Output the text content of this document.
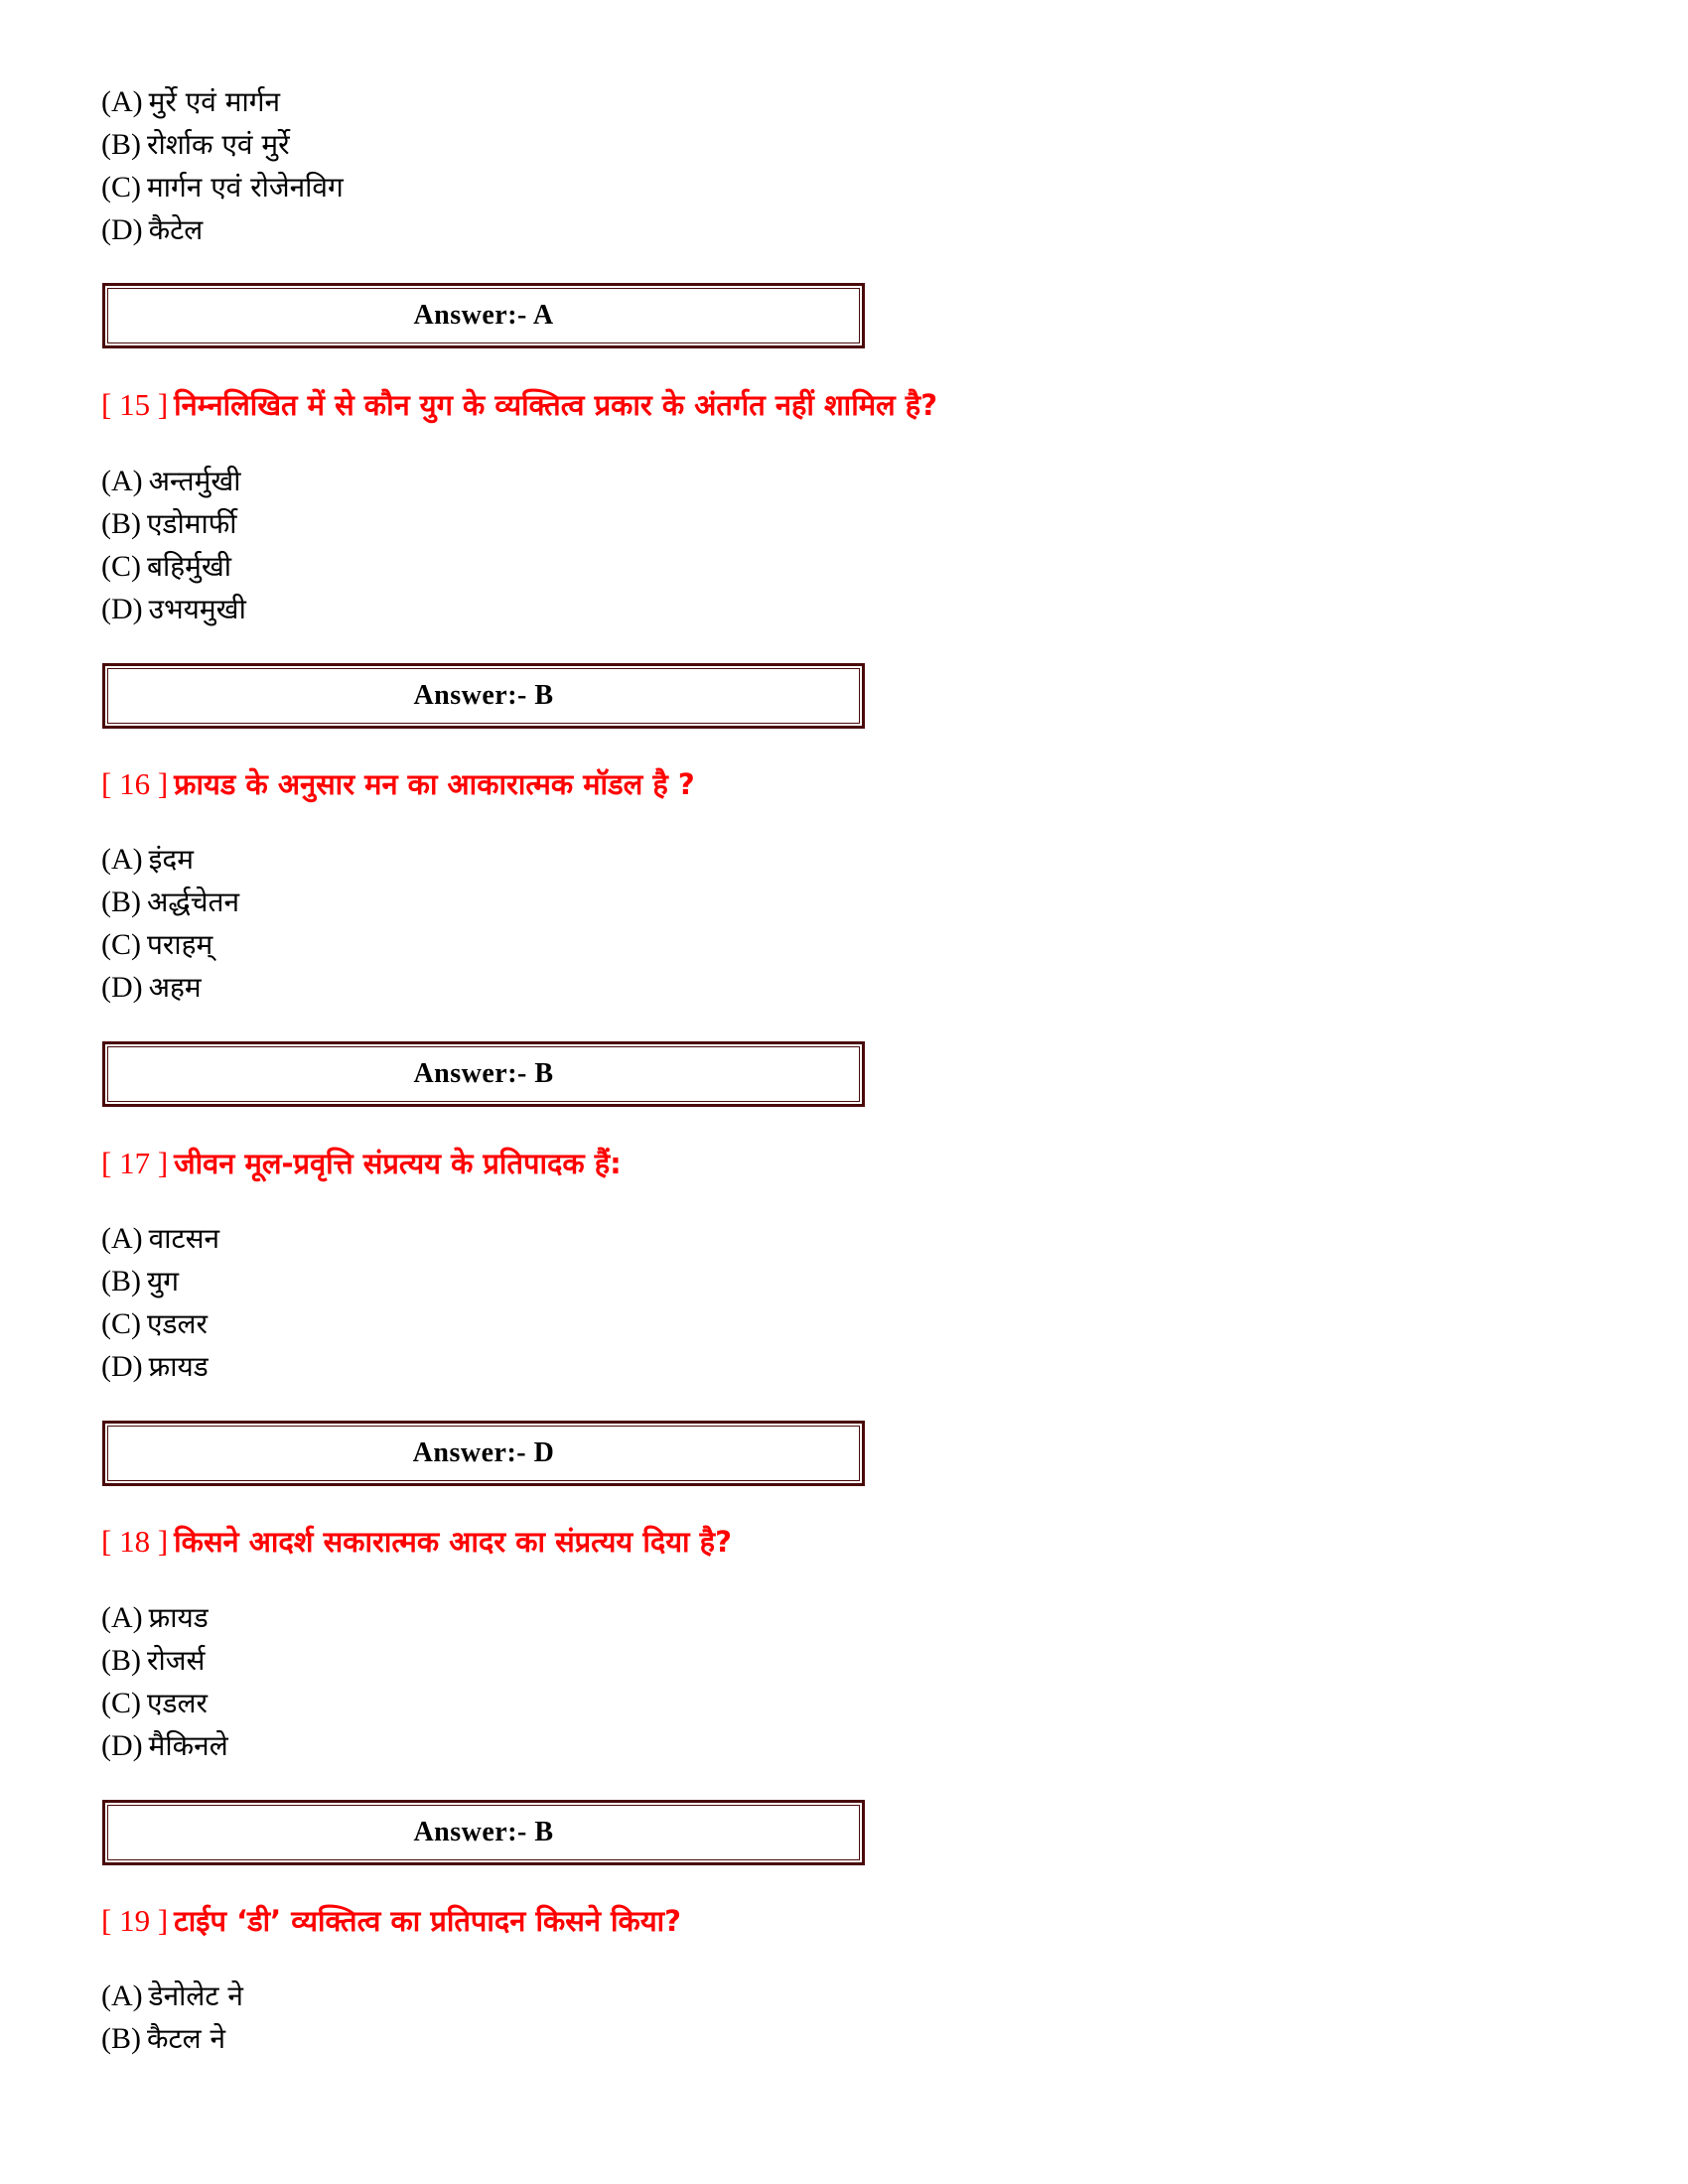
(A) मुर्रे एवं मार्गन
(B) रोर्शाक एवं मुर्रे
(C) मार्गन एवं रोजेनविग
(D) कैटेल
Answer:- A
[ 15 ] निम्नलिखित में से कौन युग के व्यक्तित्व प्रकार के अंतर्गत नहीं शामिल है?
(A) अन्तर्मुखी
(B) एडोमार्फी
(C) बहिर्मुखी
(D) उभयमुखी
Answer:- B
[ 16 ] फ्रायड के अनुसार मन का आकारात्मक मॉडल है ?
(A) इंदम
(B) अर्द्धचेतन
(C) पराहम्
(D) अहम
Answer:- B
[ 17 ] जीवन मूल-प्रवृत्ति संप्रत्यय के प्रतिपादक हैं:
(A) वाटसन
(B) युग
(C) एडलर
(D) फ्रायड
Answer:- D
[ 18 ] किसने आदर्श सकारात्मक आदर का संप्रत्यय दिया है?
(A) फ्रायड
(B) रोजर्स
(C) एडलर
(D) मैकिनले
Answer:- B
[ 19 ] टाईप ‘डी’ व्यक्तित्व का प्रतिपादन किसने किया?
(A) डेनोलेट ने
(B) कैटल ने
